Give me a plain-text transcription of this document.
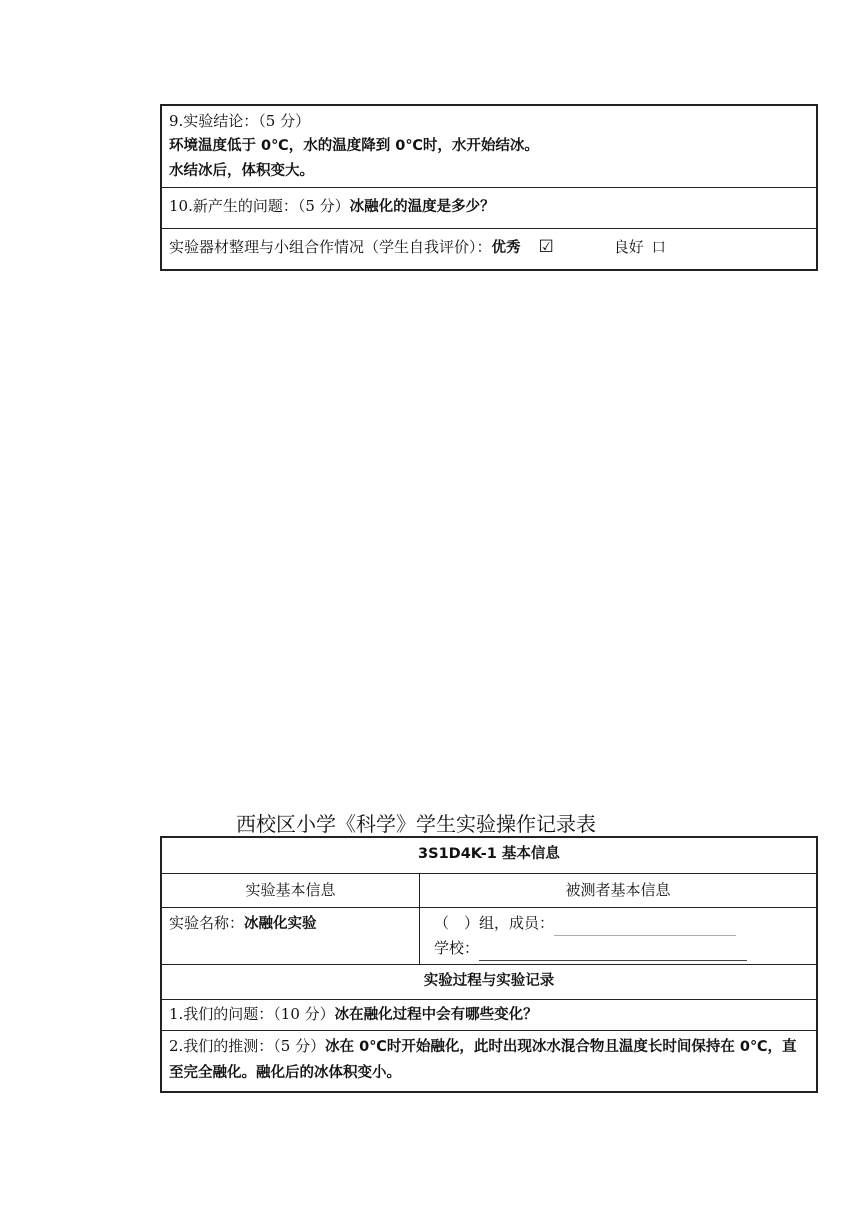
9.实验结论：（5 分）
环境温度低于 0℃，水的温度降到 0℃时，水开始结冰。
水结冰后，体积变大。

10.新产生的问题：（5 分）冰融化的温度是多少？
实验器材整理与小组合作情况（学生自我评价）：优秀 ☑	良好 口
西校区小学《科学》学生实验操作记录表
3S1D4K-1 基本信息	
实验基本信息	被测者基本信息
实验名称：冰融化实验	（　）组，成员：
学校：

实验过程与实验记录	
1.我们的问题：（10 分）冰在融化过程中会有哪些变化？	
2.我们的推测：（5 分）冰在 0℃时开始融化，此时出现冰水混合物且温度长时间保持在 0℃，直至完全融化。融化后的冰体积变小。	
